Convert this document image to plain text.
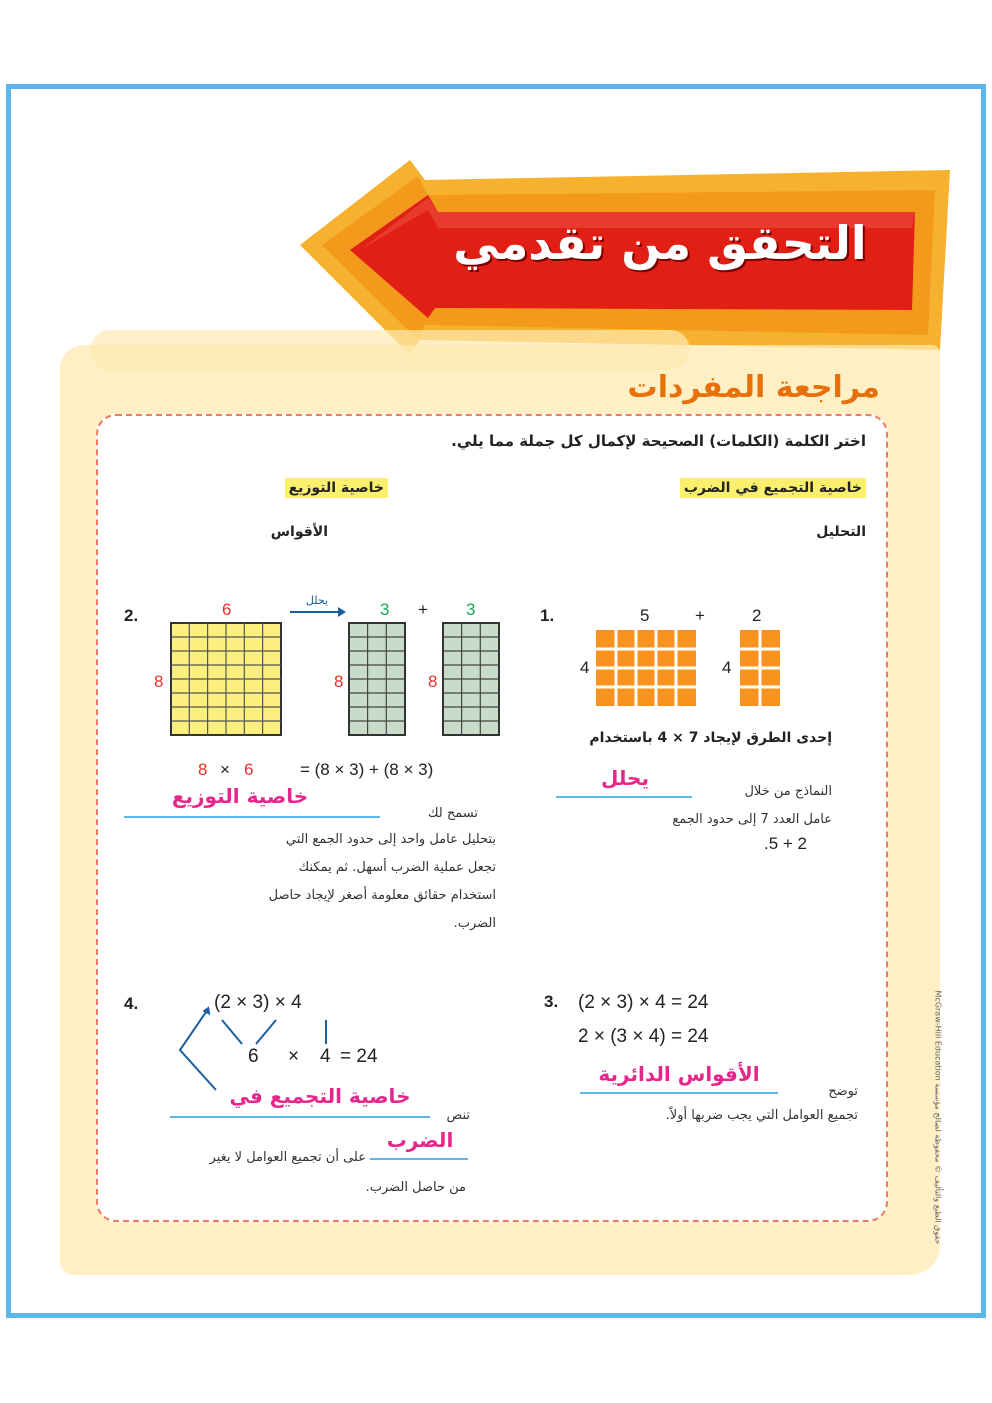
التحقق من تقدمي
مراجعة المفردات
اختر الكلمة (الكلمات) الصحيحة لإكمال كل جملة مما يلي.
خاصية التجميع في الضرب
خاصية التوزيع
التحليل
الأقواس
1.	5	+	2
4	4
إحدى الطرق لإيجاد 7 × 4 باستخدام
النماذج من خلال
يحلل
عامل العدد 7 إلى حدود الجمع
.5 + 2
2.	6	يحلل	3 + 3
8	8	8
8 × 6	= (8 × 3) + (8 × 3)
تسمح لك
خاصية التوزيع
بتحليل عامل واحد إلى حدود الجمع التي
تجعل عملية الضرب أسهل. ثم يمكنك
استخدام حقائق معلومة أصغر لإيجاد حاصل
الضرب.
3. (2 × 3) × 4 = 24
2 × (3 × 4) = 24
توضح
الأقواس الدائرية
تجميع العوامل التي يجب ضربها أولاً.
4.	(2 × 3) × 4
6 × 4 = 24
تنص
خاصية التجميع في
الضرب
على أن تجميع العوامل لا يغير
من حاصل الضرب.
حقوق الطبع والتأليف © محفوظة لصالح مؤسسة McGraw-Hill Education
